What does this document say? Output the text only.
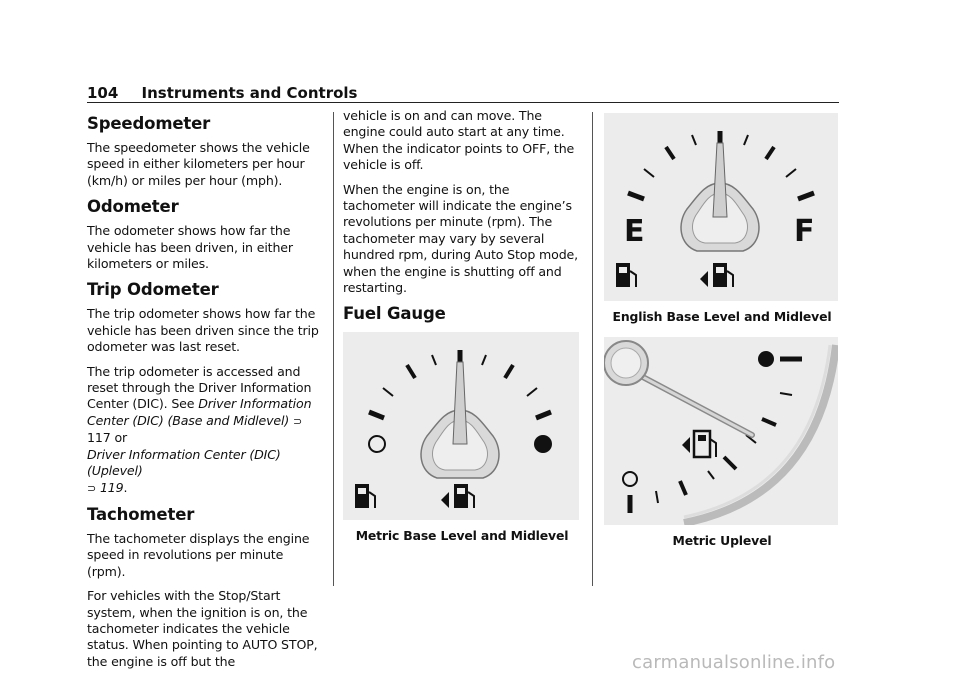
104 Instruments and Controls
Speedometer

The speedometer shows the vehicle speed in either kilometers per hour (km/h) or miles per hour (mph).

Odometer

The odometer shows how far the vehicle has been driven, in either kilometers or miles.

Trip Odometer

The trip odometer shows how far the vehicle has been driven since the trip odometer was last reset.

The trip odometer is accessed and reset through the Driver Information Center (DIC). See Driver Information Center (DIC) (Base and Midlevel) ⊃ 117 or
Driver Information Center (DIC) (Uplevel)
⊃ 119.

Tachometer

The tachometer displays the engine speed in revolutions per minute (rpm).

For vehicles with the Stop/Start system, when the ignition is on, the tachometer indicates the vehicle status. When pointing to AUTO STOP, the engine is off but the

vehicle is on and can move. The engine could auto start at any time. When the indicator points to OFF, the vehicle is off.

When the engine is on, the tachometer will indicate the engine’s revolutions per minute (rpm). The tachometer may vary by several hundred rpm, during Auto Stop mode, when the engine is shutting off and restarting.

Fuel Gauge
Metric Base Level and Midlevel
E	F
English Base Level and Midlevel
Metric Uplevel
carmanualsonline.info
